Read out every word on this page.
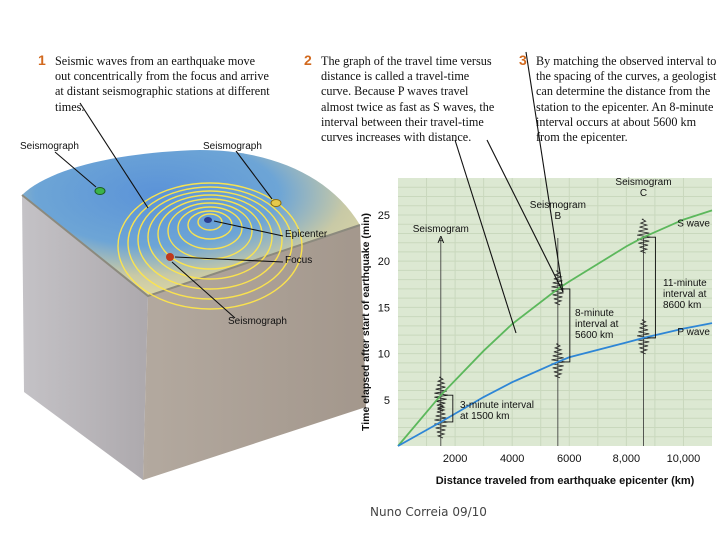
1 Seismic waves from an earthquake move
out concentrically from the focus and arrive
at distant seismographic stations at different
times.
2 The graph of the travel time versus
distance is called a travel-time
curve. Because P waves travel
almost twice as fast as S waves, the
interval between their travel-time
curves increases with distance.
3 By matching the observed interval to
the spacing of the curves, a geologist
can determine the distance from the
station to the epicenter. An 8-minute
interval occurs at about 5600 km
from the epicenter.
Seismograph	Seismograph
Epicenter
Focus
Seismograph
5
10
15
20
25
2000	4000	6000	8,000 10,000
Distance traveled from earthquake epicenter (km)
Time elapsed after start of earthquake (min)	Seismogram
A
Seismogram
B
Seismogram
C
S wave
P wave
3-minute interval
at 1500 km
8-minute
interval at
5600 km
11-minute
interval at
8600 km
Nuno Correia 09/10
